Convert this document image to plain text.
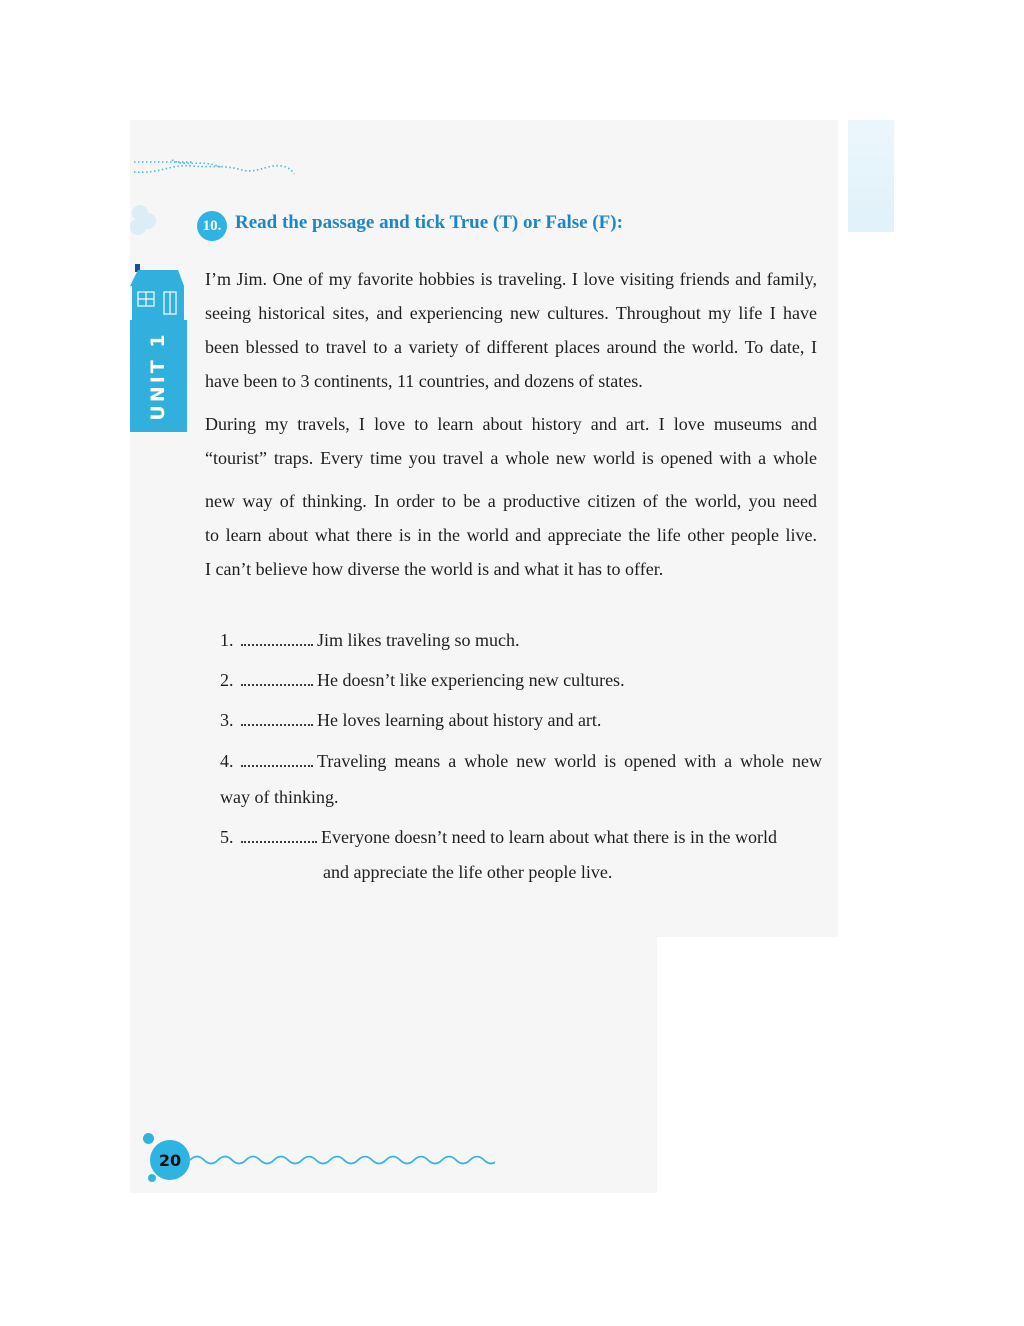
UNIT 1
10. Read the passage and tick True (T) or False (F):

I’m Jim. One of my favorite hobbies is traveling. I love visiting friends and family, seeing historical sites, and experiencing new cultures. Throughout my life I have been blessed to travel to a variety of different places around the world. To date, I have been to 3 continents, 11 countries, and dozens of states.

During my travels, I love to learn about history and art. I love museums and
“tourist” traps. Every time you travel a whole new world is opened with a whole
new way of thinking. In order to be a productive citizen of the world, you need
to learn about what there is in the world and appreciate the life other people live.
I can’t believe how diverse the world is and what it has to offer.

1.	Jim likes traveling so much.
2.	He doesn’t like experiencing new cultures.
3.	He loves learning about history and art.
4.	Traveling means a whole new world is opened with a whole new
way of thinking.
5.	Everyone doesn’t need to learn about what there is in the world
and appreciate the life other people live.
20
